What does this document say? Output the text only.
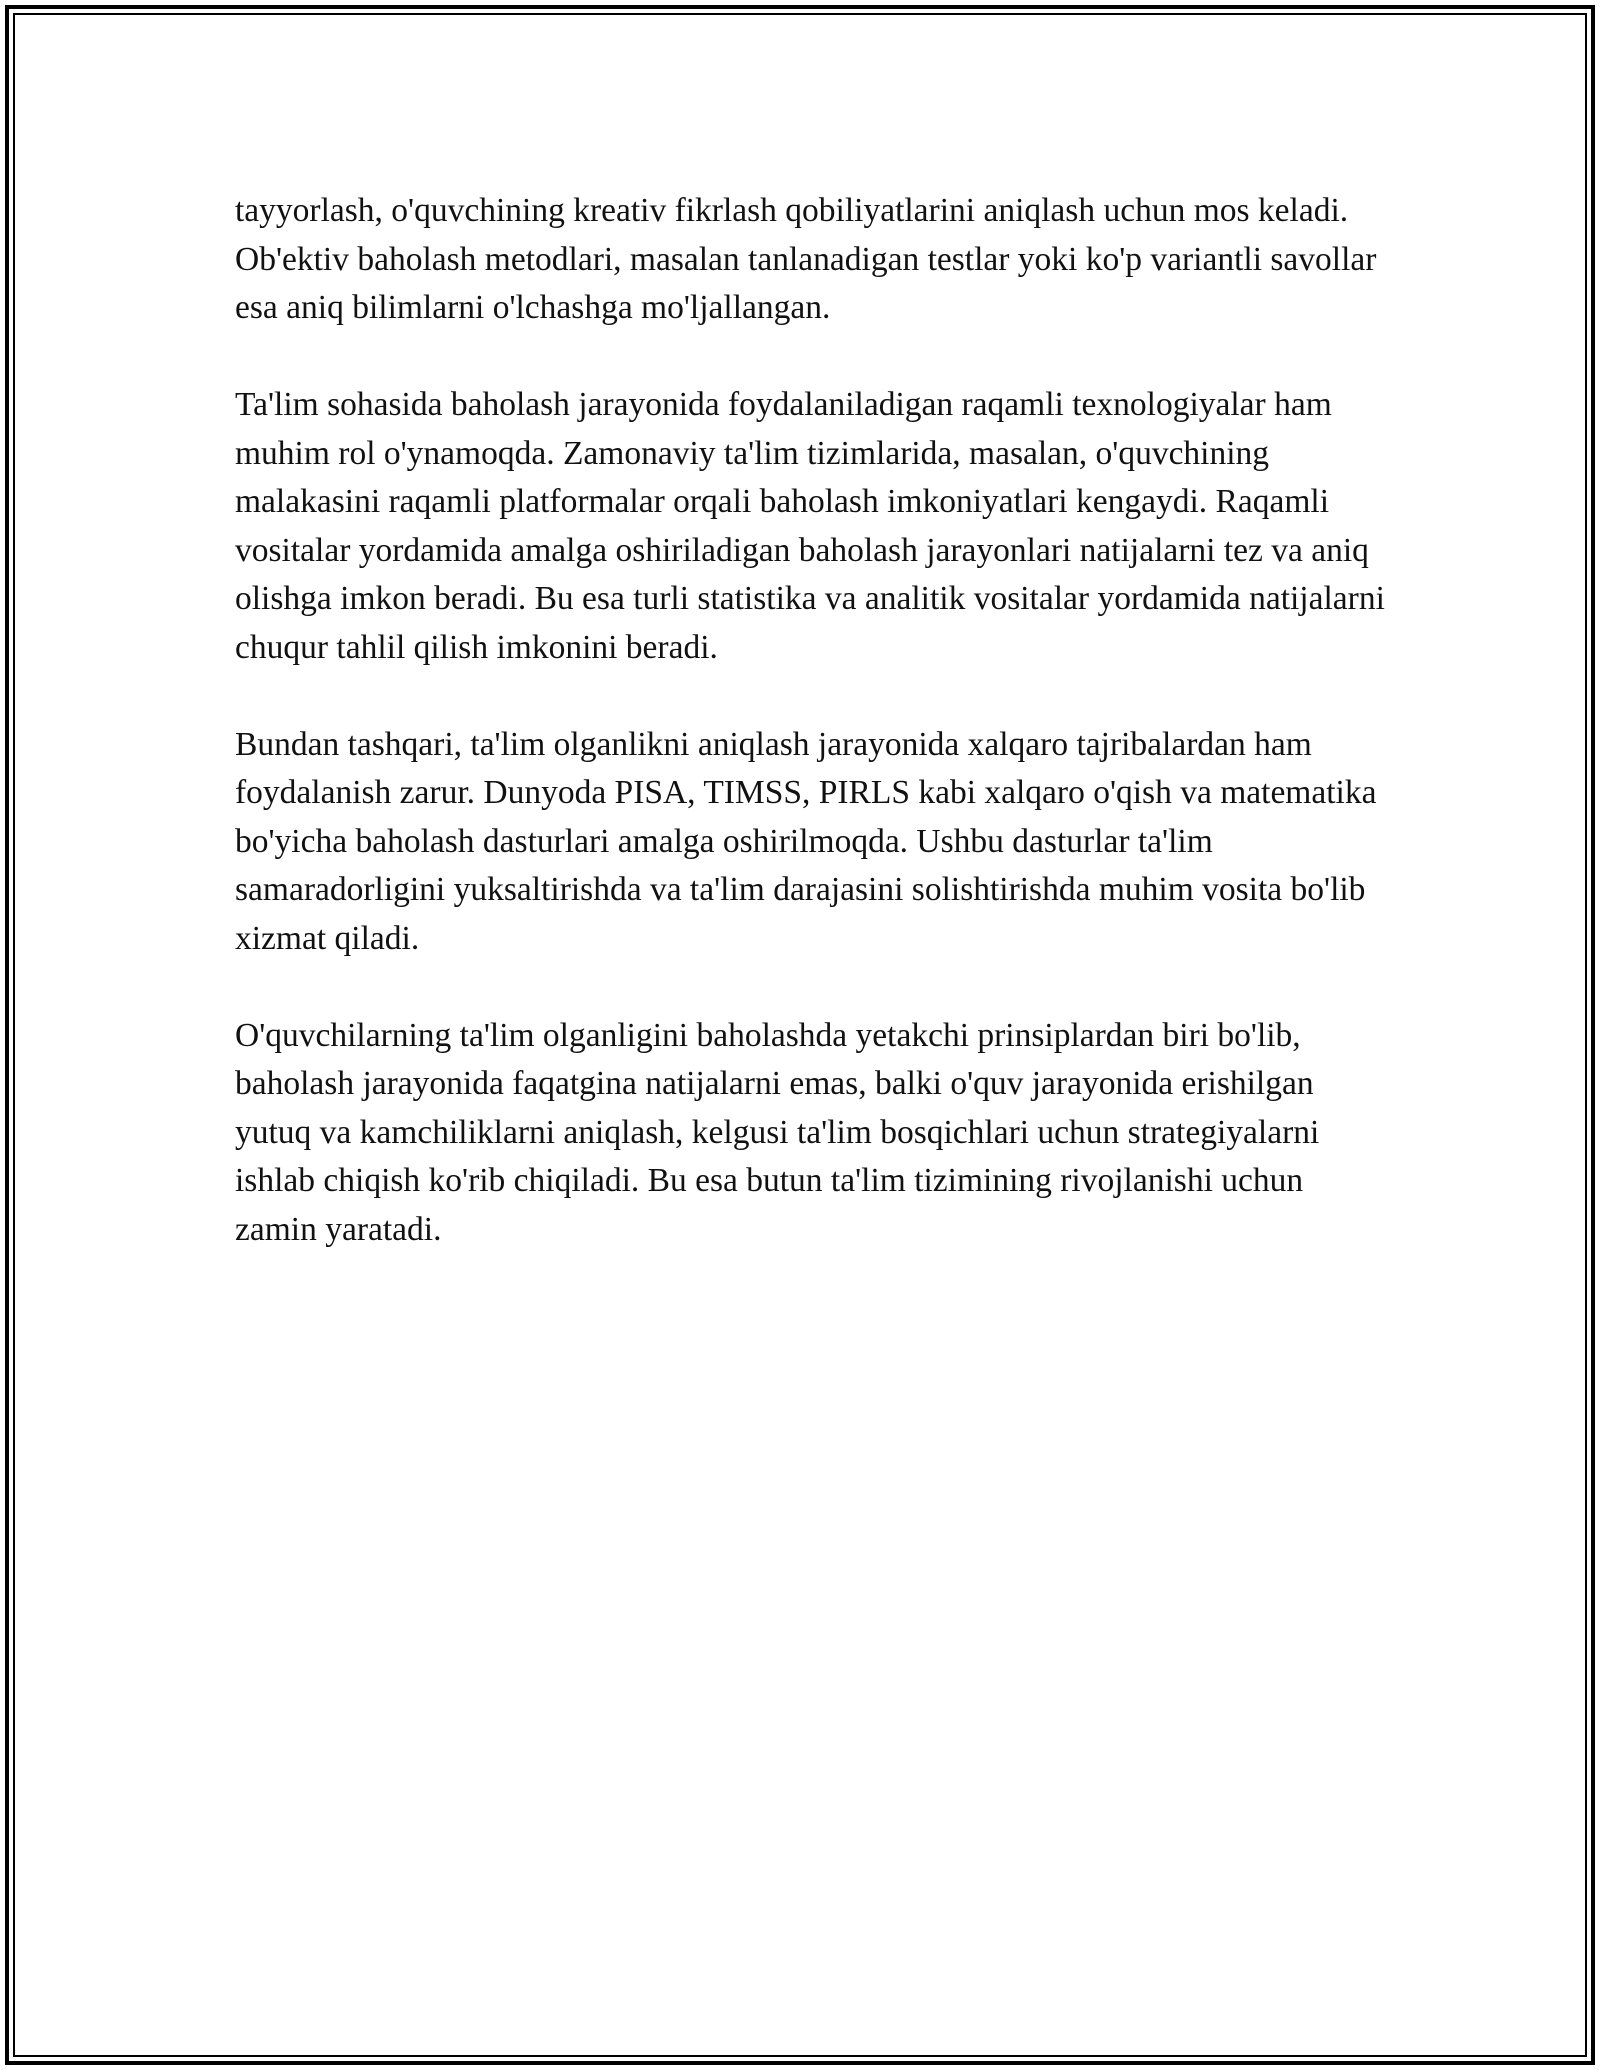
tayyorlash, o'quvchining kreativ fikrlash qobiliyatlarini aniqlash uchun mos keladi. Ob'ektiv baholash metodlari, masalan tanlanadigan testlar yoki ko'p variantli savollar esa aniq bilimlarni o'lchashga mo'ljallangan.

Ta'lim sohasida baholash jarayonida foydalaniladigan raqamli texnologiyalar ham muhim rol o'ynamoqda. Zamonaviy ta'lim tizimlarida, masalan, o'quvchining malakasini raqamli platformalar orqali baholash imkoniyatlari kengaydi. Raqamli vositalar yordamida amalga oshiriladigan baholash jarayonlari natijalarni tez va aniq olishga imkon beradi. Bu esa turli statistika va analitik vositalar yordamida natijalarni chuqur tahlil qilish imkonini beradi.

Bundan tashqari, ta'lim olganlikni aniqlash jarayonida xalqaro tajribalardan ham foydalanish zarur. Dunyoda PISA, TIMSS, PIRLS kabi xalqaro o'qish va matematika bo'yicha baholash dasturlari amalga oshirilmoqda. Ushbu dasturlar ta'lim samaradorligini yuksaltirishda va ta'lim darajasini solishtirishda muhim vosita bo'lib xizmat qiladi.

O'quvchilarning ta'lim olganligini baholashda yetakchi prinsiplardan biri bo'lib, baholash jarayonida faqatgina natijalarni emas, balki o'quv jarayonida erishilgan yutuq va kamchiliklarni aniqlash, kelgusi ta'lim bosqichlari uchun strategiyalarni ishlab chiqish ko'rib chiqiladi. Bu esa butun ta'lim tizimining rivojlanishi uchun zamin yaratadi.
